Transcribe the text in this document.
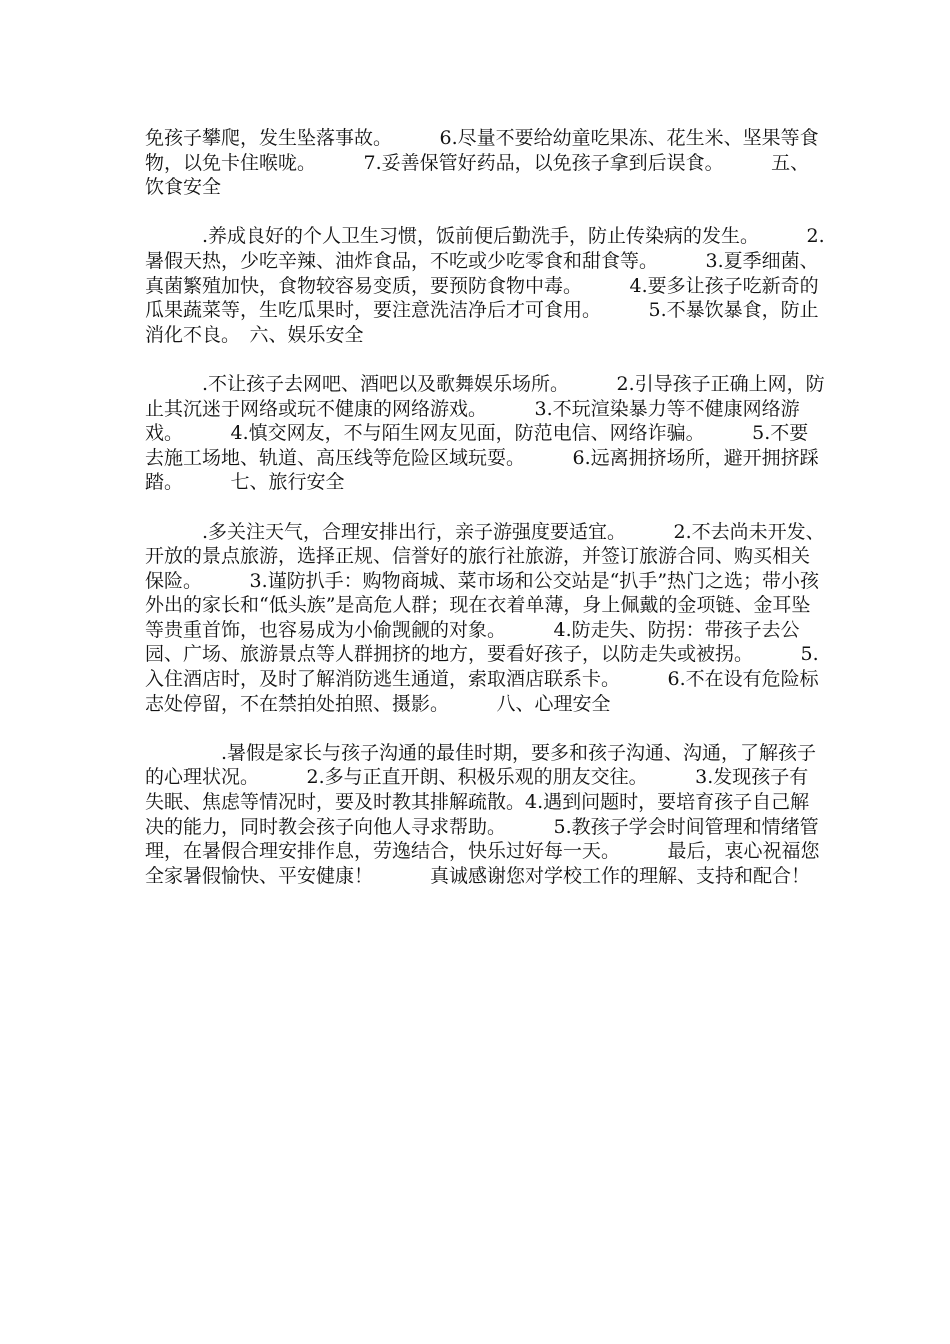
免孩子攀爬，发生坠落事故。　　　6.尽量不要给幼童吃果冻、花生米、坚果等食物，以免卡住喉咙。　　　7.妥善保管好药品，以免孩子拿到后误食。　　　五、饮食安全

　　　.养成良好的个人卫生习惯，饭前便后勤洗手，防止传染病的发生。　　　2.暑假天热，少吃辛辣、油炸食品，不吃或少吃零食和甜食等。　　　3.夏季细菌、真菌繁殖加快，食物较容易变质，要预防食物中毒。　　　4.要多让孩子吃新奇的瓜果蔬菜等，生吃瓜果时，要注意洗洁净后才可食用。　　　5.不暴饮暴食，防止消化不良。　六、娱乐安全

　　　.不让孩子去网吧、酒吧以及歌舞娱乐场所。　　　2.引导孩子正确上网，防止其沉迷于网络或玩不健康的网络游戏。　　　3.不玩渲染暴力等不健康网络游戏。　　　4.慎交网友，不与陌生网友见面，防范电信、网络诈骗。　　　5.不要去施工场地、轨道、高压线等危险区域玩耍。　　　6.远离拥挤场所，避开拥挤踩踏。　　　七、旅行安全

　　　.多关注天气，合理安排出行，亲子游强度要适宜。　　　2.不去尚未开发、开放的景点旅游，选择正规、信誉好的旅行社旅游，并签订旅游合同、购买相关保险。　　　3.谨防扒手：购物商城、菜市场和公交站是“扒手”热门之选；带小孩外出的家长和“低头族”是高危人群；现在衣着单薄，身上佩戴的金项链、金耳坠等贵重首饰，也容易成为小偷觊觎的对象。　　　4.防走失、防拐：带孩子去公园、广场、旅游景点等人群拥挤的地方，要看好孩子，以防走失或被拐。　　　5.入住酒店时，及时了解消防逃生通道，索取酒店联系卡。　　　6.不在设有危险标志处停留，不在禁拍处拍照、摄影。　　　八、心理安全

　　　　.暑假是家长与孩子沟通的最佳时期，要多和孩子沟通、沟通，了解孩子的心理状况。　　　2.多与正直开朗、积极乐观的朋友交往。　　　3.发现孩子有失眠、焦虑等情况时，要及时教其排解疏散。4.遇到问题时，要培育孩子自己解决的能力，同时教会孩子向他人寻求帮助。　　　5.教孩子学会时间管理和情绪管理，在暑假合理安排作息，劳逸结合，快乐过好每一天。　　　最后，衷心祝福您全家暑假愉快、平安健康！　　　真诚感谢您对学校工作的理解、支持和配合！
